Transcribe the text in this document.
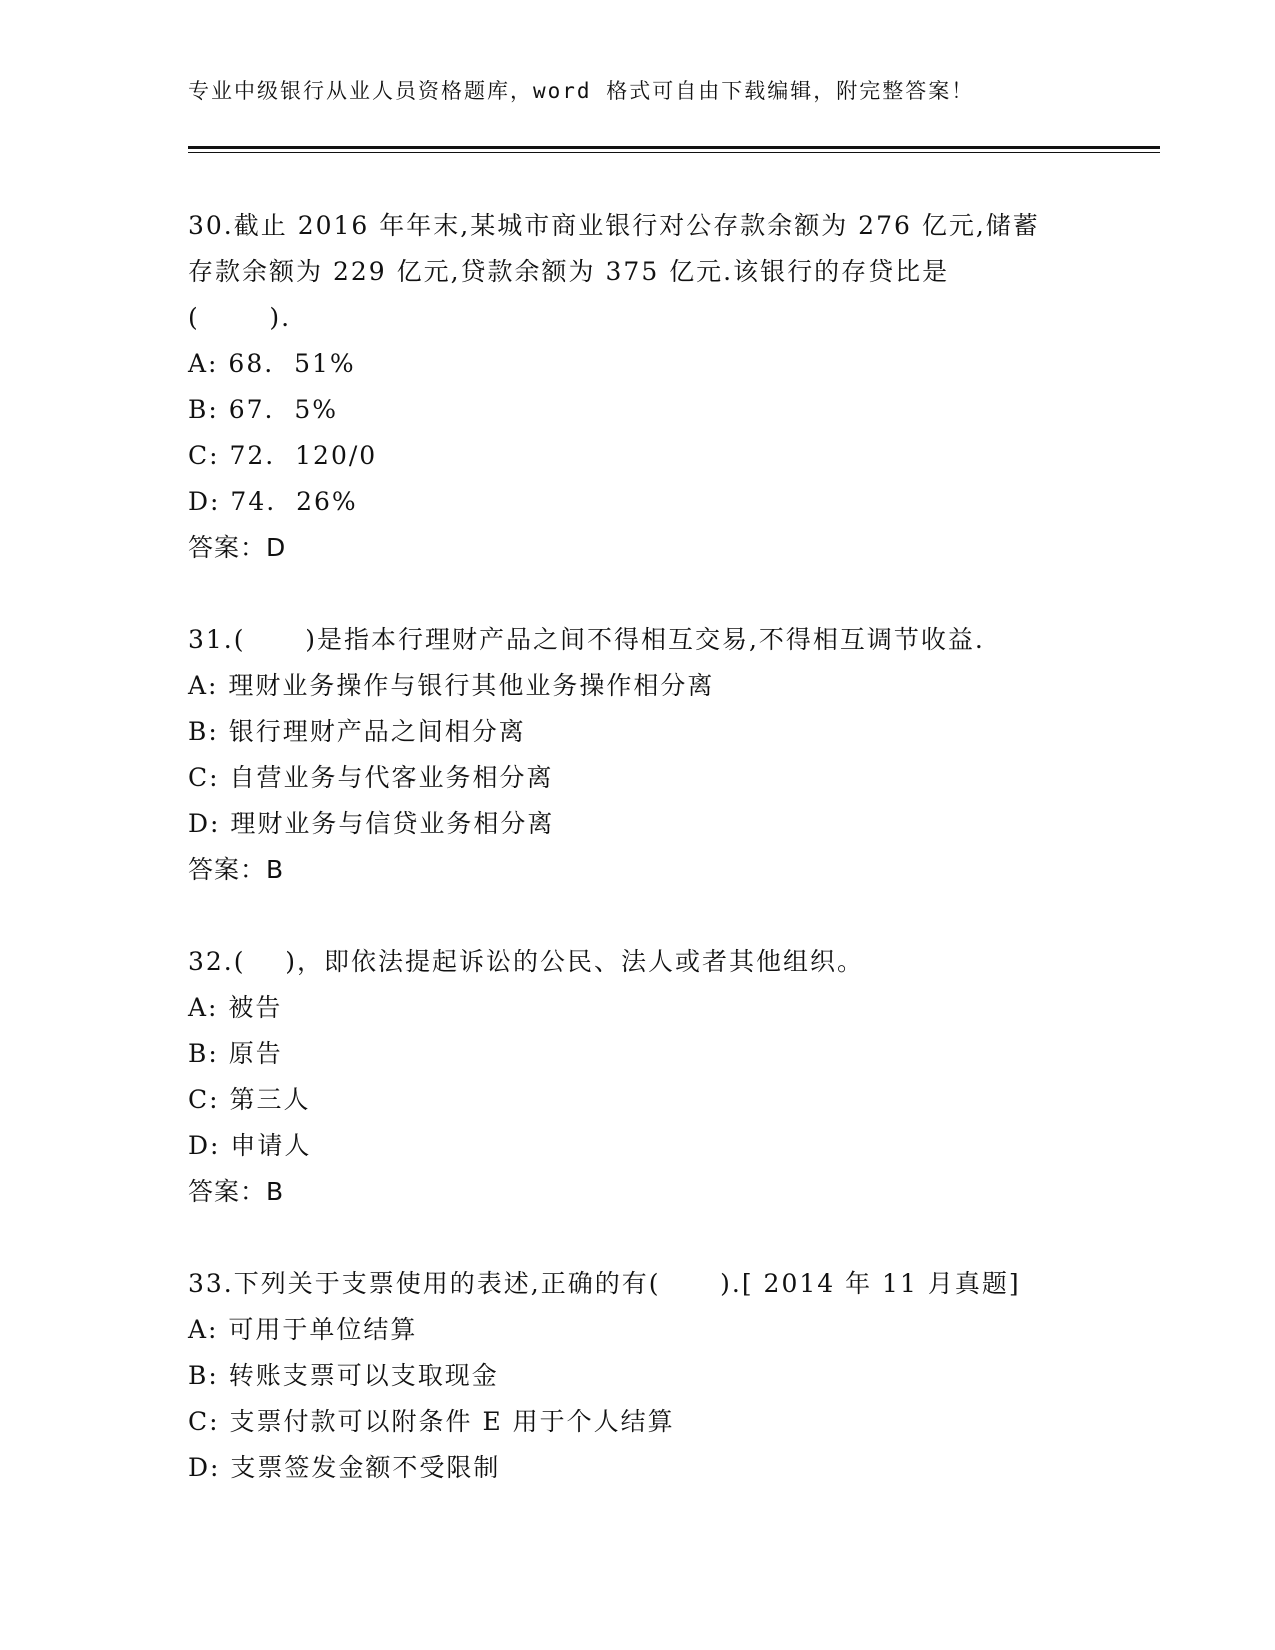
专业中级银行从业人员资格题库，word 格式可自由下载编辑，附完整答案！

30.截止 2016 年年末,某城市商业银行对公存款余额为 276 亿元,储蓄

存款余额为 229 亿元,贷款余额为 375 亿元.该银行的存贷比是

(       ).

A: 68.  51%

B: 67.  5%

C: 72.  120/0

D: 74.  26%

答案：D

31.(      )是指本行理财产品之间不得相互交易,不得相互调节收益.

A: 理财业务操作与银行其他业务操作相分离

B: 银行理财产品之间相分离

C: 自营业务与代客业务相分离

D: 理财业务与信贷业务相分离

答案：B

32.(    )，即依法提起诉讼的公民、法人或者其他组织。

A: 被告

B: 原告

C: 第三人

D: 申请人

答案：B

33.下列关于支票使用的表述,正确的有(      ).[ 2014 年 11 月真题]

A: 可用于单位结算

B: 转账支票可以支取现金

C: 支票付款可以附条件 E 用于个人结算

D: 支票签发金额不受限制
